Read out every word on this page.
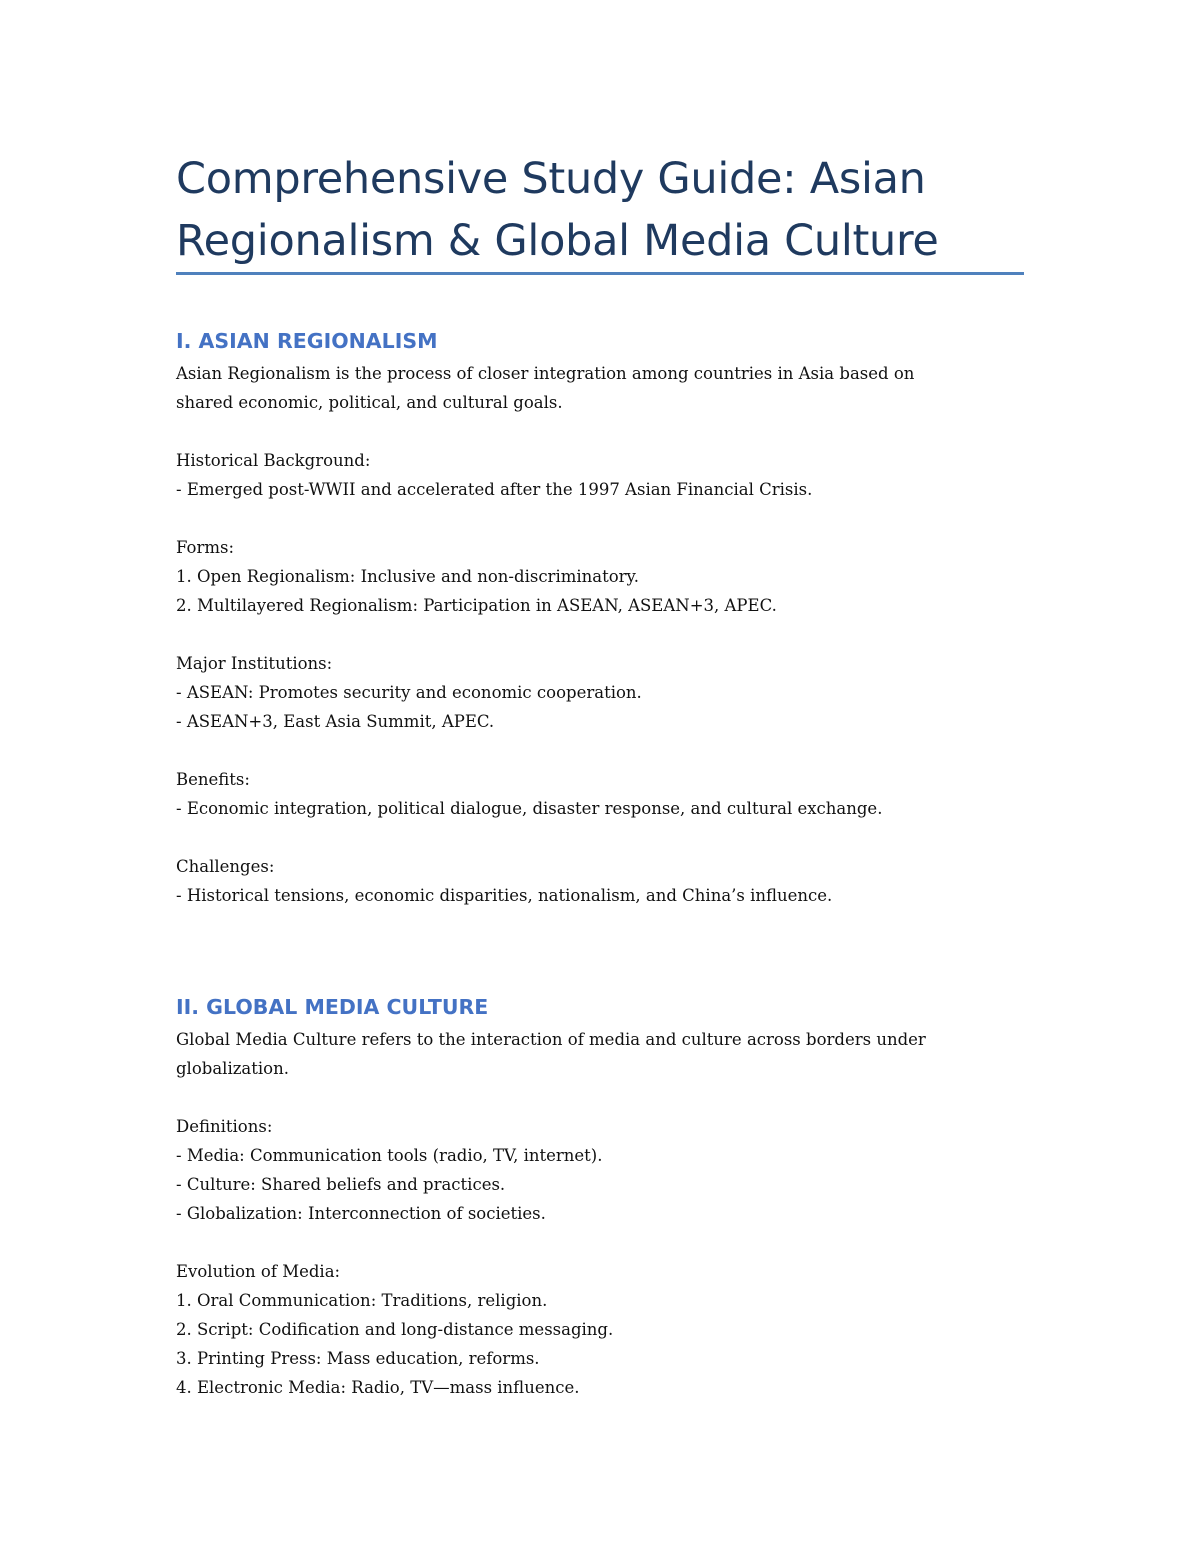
Comprehensive Study Guide: Asian
Regionalism & Global Media Culture
I. ASIAN REGIONALISM

Asian Regionalism is the process of closer integration among countries in Asia based on
shared economic, political, and cultural goals.

Historical Background:
- Emerged post-WWII and accelerated after the 1997 Asian Financial Crisis.
Forms:
1. Open Regionalism: Inclusive and non-discriminatory.
2. Multilayered Regionalism: Participation in ASEAN, ASEAN+3, APEC.
Major Institutions:
- ASEAN: Promotes security and economic cooperation.
- ASEAN+3, East Asia Summit, APEC.
Benefits:
- Economic integration, political dialogue, disaster response, and cultural exchange.
Challenges:
- Historical tensions, economic disparities, nationalism, and China’s influence.
II. GLOBAL MEDIA CULTURE

Global Media Culture refers to the interaction of media and culture across borders under
globalization.

Definitions:
- Media: Communication tools (radio, TV, internet).
- Culture: Shared beliefs and practices.
- Globalization: Interconnection of societies.
Evolution of Media:
1. Oral Communication: Traditions, religion.
2. Script: Codification and long-distance messaging.
3. Printing Press: Mass education, reforms.
4. Electronic Media: Radio, TV—mass influence.
